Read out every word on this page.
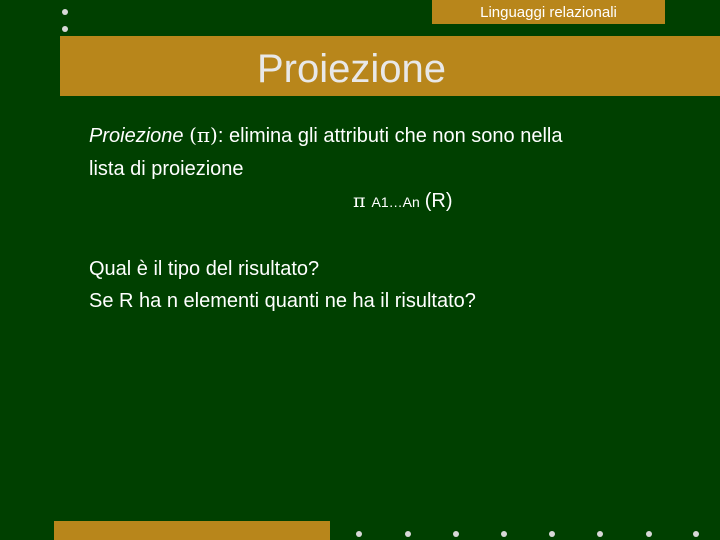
Linguaggi relazionali
Proiezione
Proiezione (π): elimina gli attributi che non sono nella
lista di proiezione
π A1…An (R)
Qual è il tipo del risultato?
Se R ha n elementi quanti ne ha il risultato?
